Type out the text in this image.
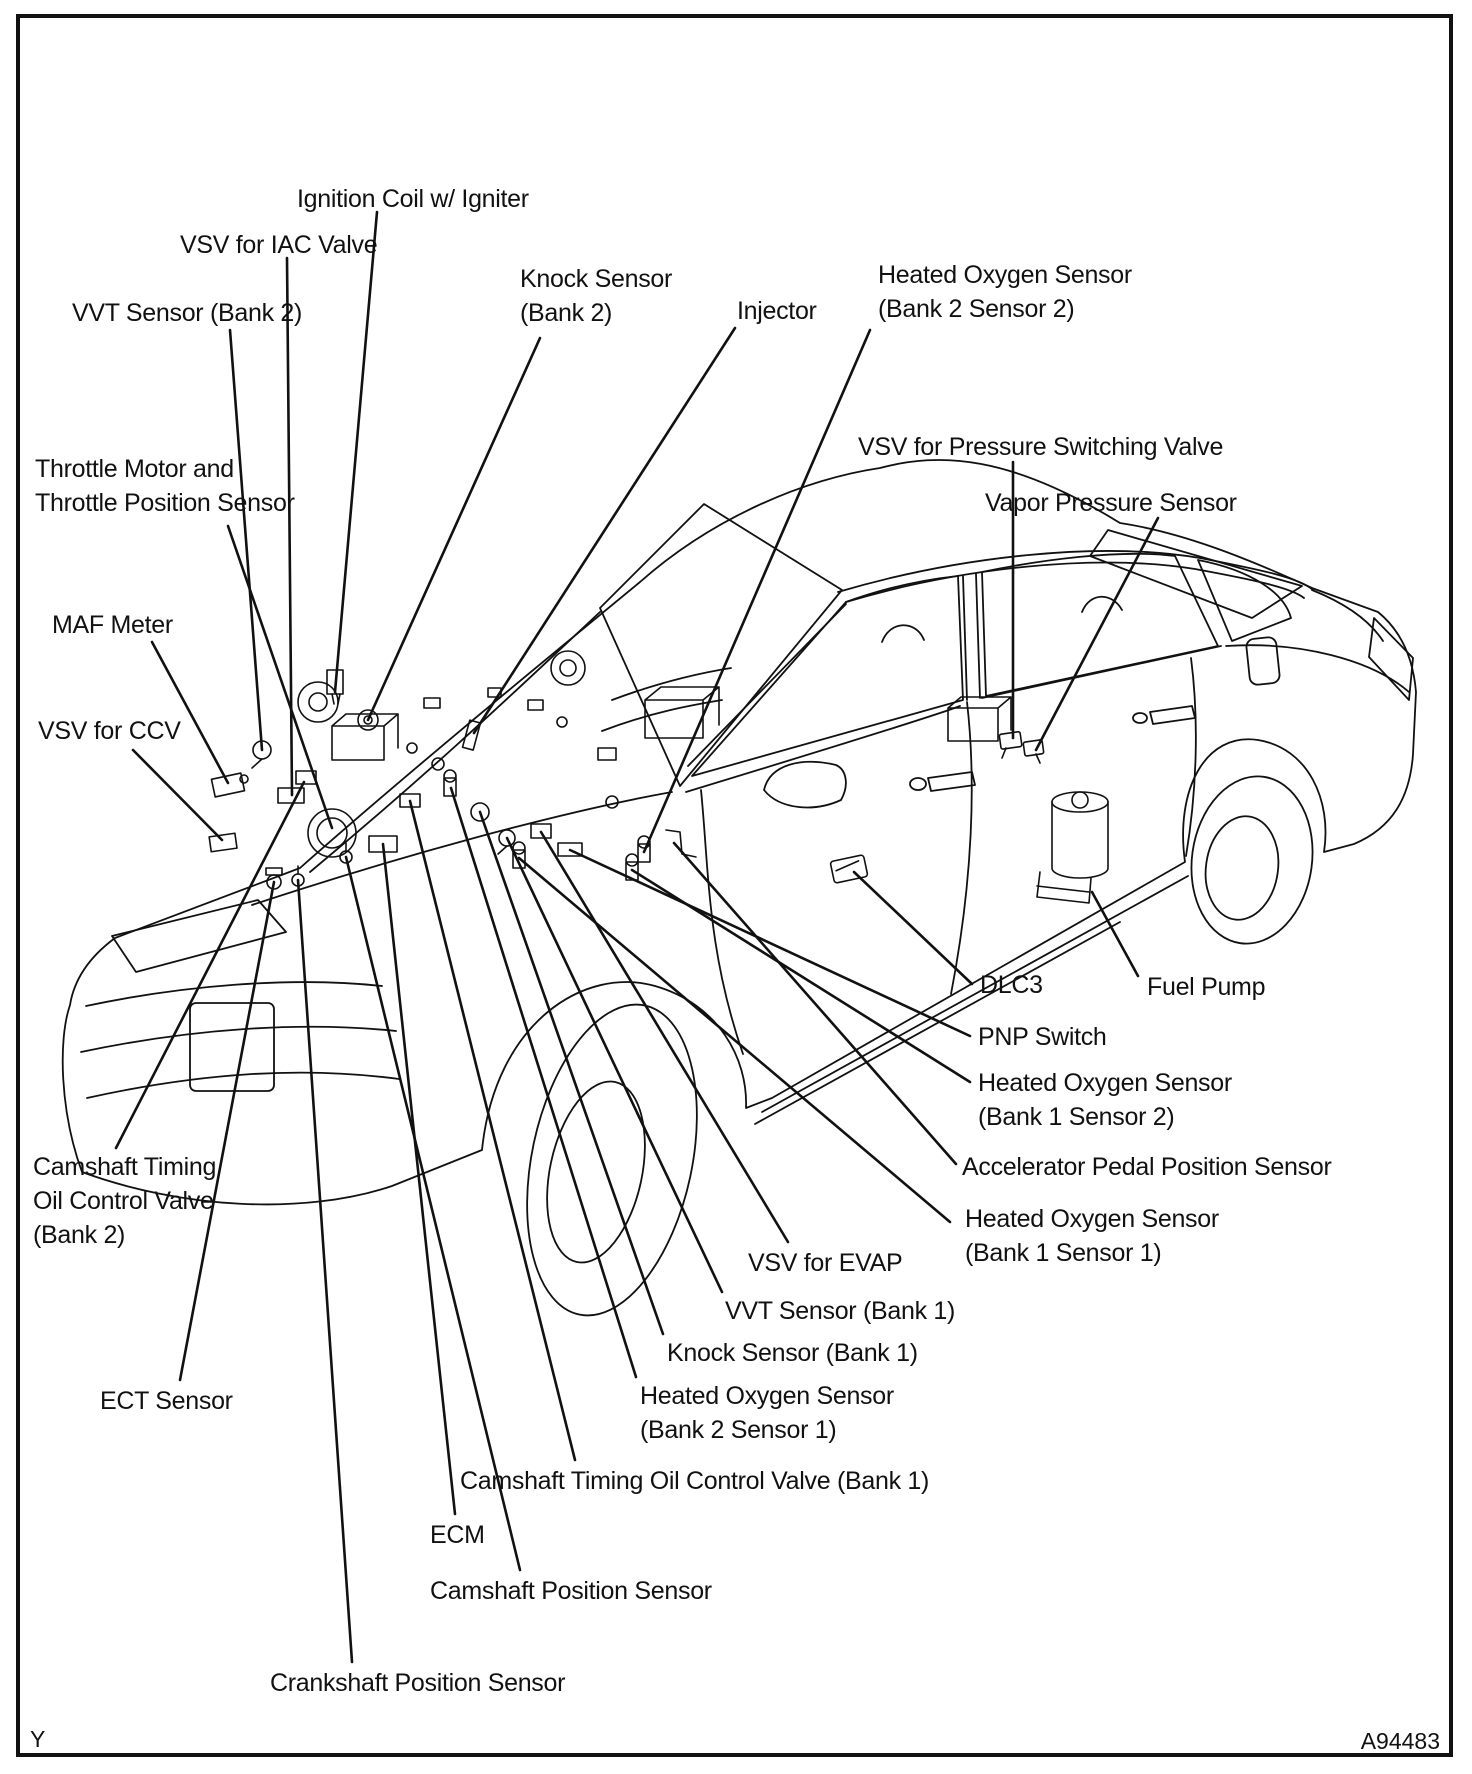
Ignition Coil w/ Igniter
VSV for IAC Valve
VVT Sensor (Bank 2)
Knock Sensor
(Bank 2)	Injector
Heated Oxygen Sensor
(Bank 2 Sensor 2)
VSV for Pressure Switching Valve
Vapor Pressure Sensor
Throttle Motor and
Throttle Position Sensor
MAF Meter
VSV for CCV
Camshaft Timing
Oil Control Valve
(Bank 2)
ECT Sensor
DLC3	Fuel Pump
PNP Switch
Heated Oxygen Sensor
(Bank 1 Sensor 2)
Accelerator Pedal Position Sensor
Heated Oxygen Sensor
(Bank 1 Sensor 1)
VSV for EVAP
VVT Sensor (Bank 1)
Knock Sensor (Bank 1)
Heated Oxygen Sensor
(Bank 2 Sensor 1)
Camshaft Timing Oil Control Valve (Bank 1)
ECM
Camshaft Position Sensor
Crankshaft Position Sensor
Y	A94483
